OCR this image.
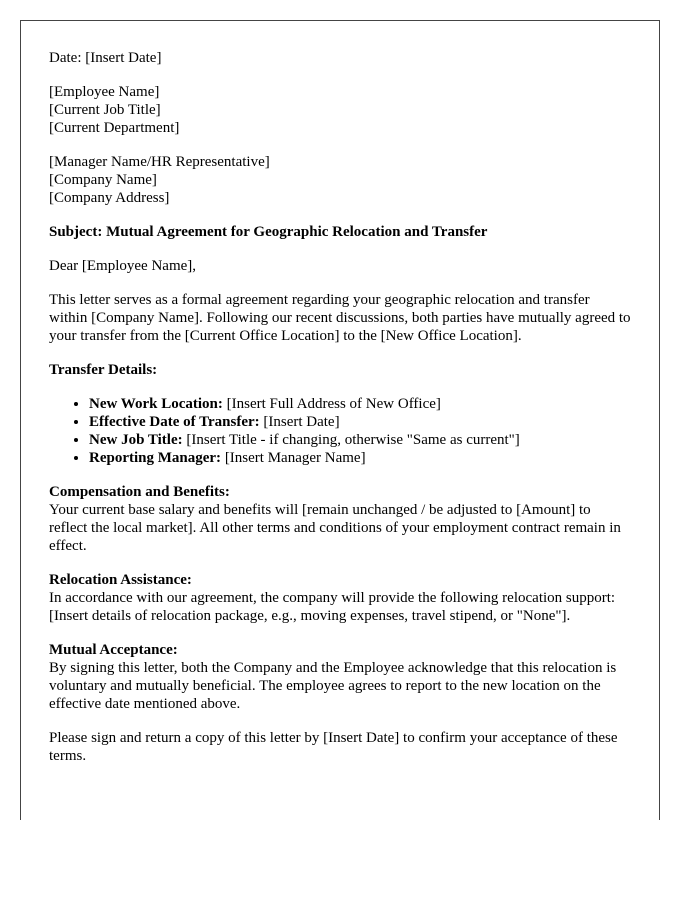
Date: [Insert Date]

[Employee Name]

[Current Job Title]

[Current Department]

[Manager Name/HR Representative]

[Company Name]

[Company Address]

Subject: Mutual Agreement for Geographic Relocation and Transfer

Dear [Employee Name],

This letter serves as a formal agreement regarding your geographic relocation and transfer within [Company Name]. Following our recent discussions, both parties have mutually agreed to your transfer from the [Current Office Location] to the [New Office Location].

Transfer Details:

• New Work Location: [Insert Full Address of New Office]
• Effective Date of Transfer: [Insert Date]
• New Job Title: [Insert Title - if changing, otherwise "Same as current"]
• Reporting Manager: [Insert Manager Name]
Compensation and Benefits:

Your current base salary and benefits will [remain unchanged / be adjusted to [Amount] to reflect the local market]. All other terms and conditions of your employment contract remain in effect.

Relocation Assistance:

In accordance with our agreement, the company will provide the following relocation support: [Insert details of relocation package, e.g., moving expenses, travel stipend, or "None"].

Mutual Acceptance:

By signing this letter, both the Company and the Employee acknowledge that this relocation is voluntary and mutually beneficial. The employee agrees to report to the new location on the effective date mentioned above.

Please sign and return a copy of this letter by [Insert Date] to confirm your acceptance of these terms.
